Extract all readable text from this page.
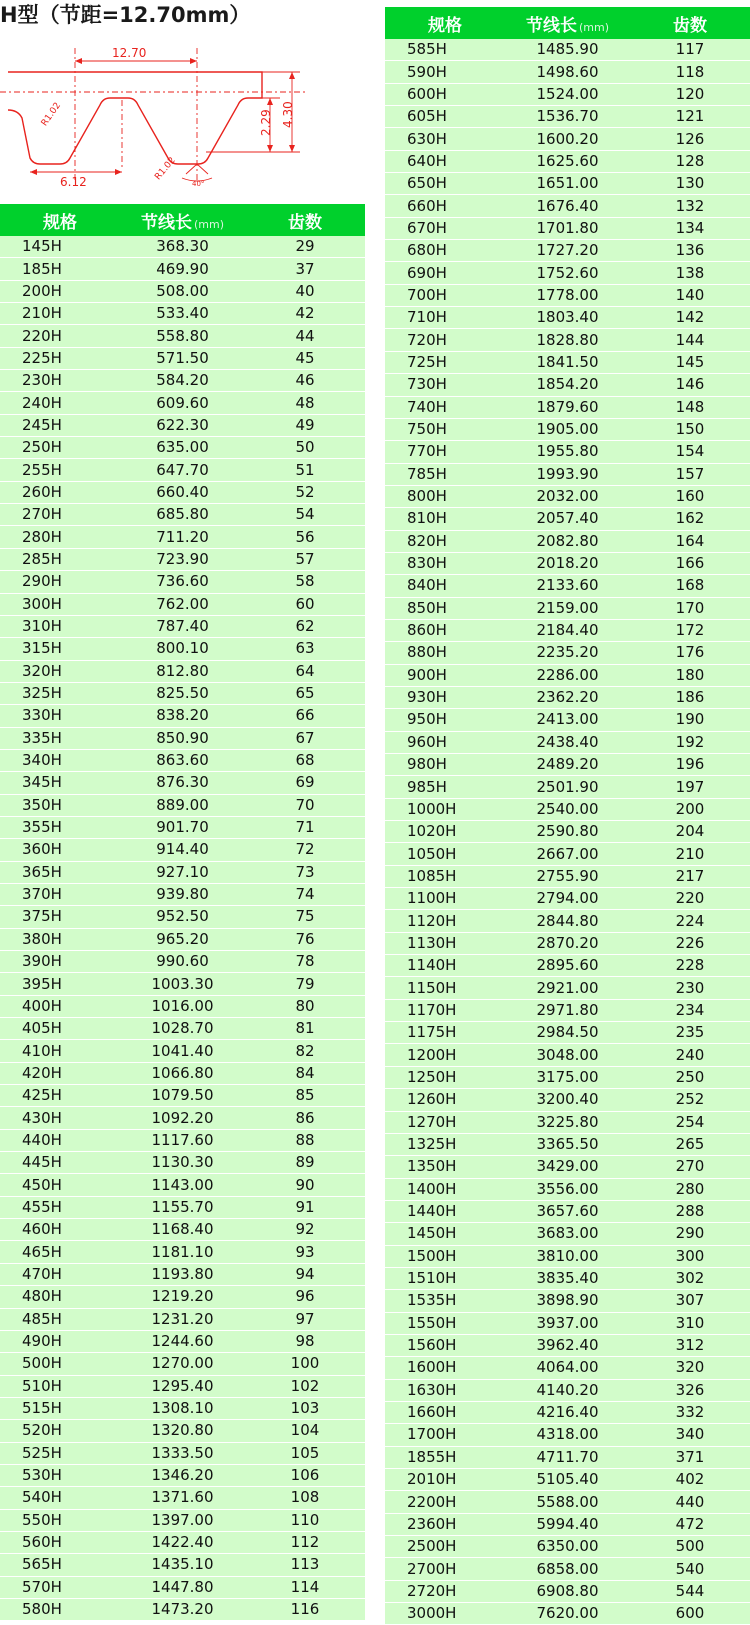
H型（节距=12.70mm）
12.70
6.12
R1.02
R1.02
2.29 4.30
40°
规格	节线长 (mm)	齿数
145H	368.30	29
185H	469.90	37
200H	508.00	40
210H	533.40	42
220H	558.80	44
225H	571.50	45
230H	584.20	46
240H	609.60	48
245H	622.30	49
250H	635.00	50
255H	647.70	51
260H	660.40	52
270H	685.80	54
280H	711.20	56
285H	723.90	57
290H	736.60	58
300H	762.00	60
310H	787.40	62
315H	800.10	63
320H	812.80	64
325H	825.50	65
330H	838.20	66
335H	850.90	67
340H	863.60	68
345H	876.30	69
350H	889.00	70
355H	901.70	71
360H	914.40	72
365H	927.10	73
370H	939.80	74
375H	952.50	75
380H	965.20	76
390H	990.60	78
395H	1003.30	79
400H	1016.00	80
405H	1028.70	81
410H	1041.40	82
420H	1066.80	84
425H	1079.50	85
430H	1092.20	86
440H	1117.60	88
445H	1130.30	89
450H	1143.00	90
455H	1155.70	91
460H	1168.40	92
465H	1181.10	93
470H	1193.80	94
480H	1219.20	96
485H	1231.20	97
490H	1244.60	98
500H	1270.00	100
510H	1295.40	102
515H	1308.10	103
520H	1320.80	104
525H	1333.50	105
530H	1346.20	106
540H	1371.60	108
550H	1397.00	110
560H	1422.40	112
565H	1435.10	113
570H	1447.80	114
580H	1473.20	116
规格	节线长 (mm)	齿数
585H	1485.90	117
590H	1498.60	118
600H	1524.00	120
605H	1536.70	121
630H	1600.20	126
640H	1625.60	128
650H	1651.00	130
660H	1676.40	132
670H	1701.80	134
680H	1727.20	136
690H	1752.60	138
700H	1778.00	140
710H	1803.40	142
720H	1828.80	144
725H	1841.50	145
730H	1854.20	146
740H	1879.60	148
750H	1905.00	150
770H	1955.80	154
785H	1993.90	157
800H	2032.00	160
810H	2057.40	162
820H	2082.80	164
830H	2018.20	166
840H	2133.60	168
850H	2159.00	170
860H	2184.40	172
880H	2235.20	176
900H	2286.00	180
930H	2362.20	186
950H	2413.00	190
960H	2438.40	192
980H	2489.20	196
985H	2501.90	197
1000H	2540.00	200
1020H	2590.80	204
1050H	2667.00	210
1085H	2755.90	217
1100H	2794.00	220
1120H	2844.80	224
1130H	2870.20	226
1140H	2895.60	228
1150H	2921.00	230
1170H	2971.80	234
1175H	2984.50	235
1200H	3048.00	240
1250H	3175.00	250
1260H	3200.40	252
1270H	3225.80	254
1325H	3365.50	265
1350H	3429.00	270
1400H	3556.00	280
1440H	3657.60	288
1450H	3683.00	290
1500H	3810.00	300
1510H	3835.40	302
1535H	3898.90	307
1550H	3937.00	310
1560H	3962.40	312
1600H	4064.00	320
1630H	4140.20	326
1660H	4216.40	332
1700H	4318.00	340
1855H	4711.70	371
2010H	5105.40	402
2200H	5588.00	440
2360H	5994.40	472
2500H	6350.00	500
2700H	6858.00	540
2720H	6908.80	544
3000H	7620.00	600
